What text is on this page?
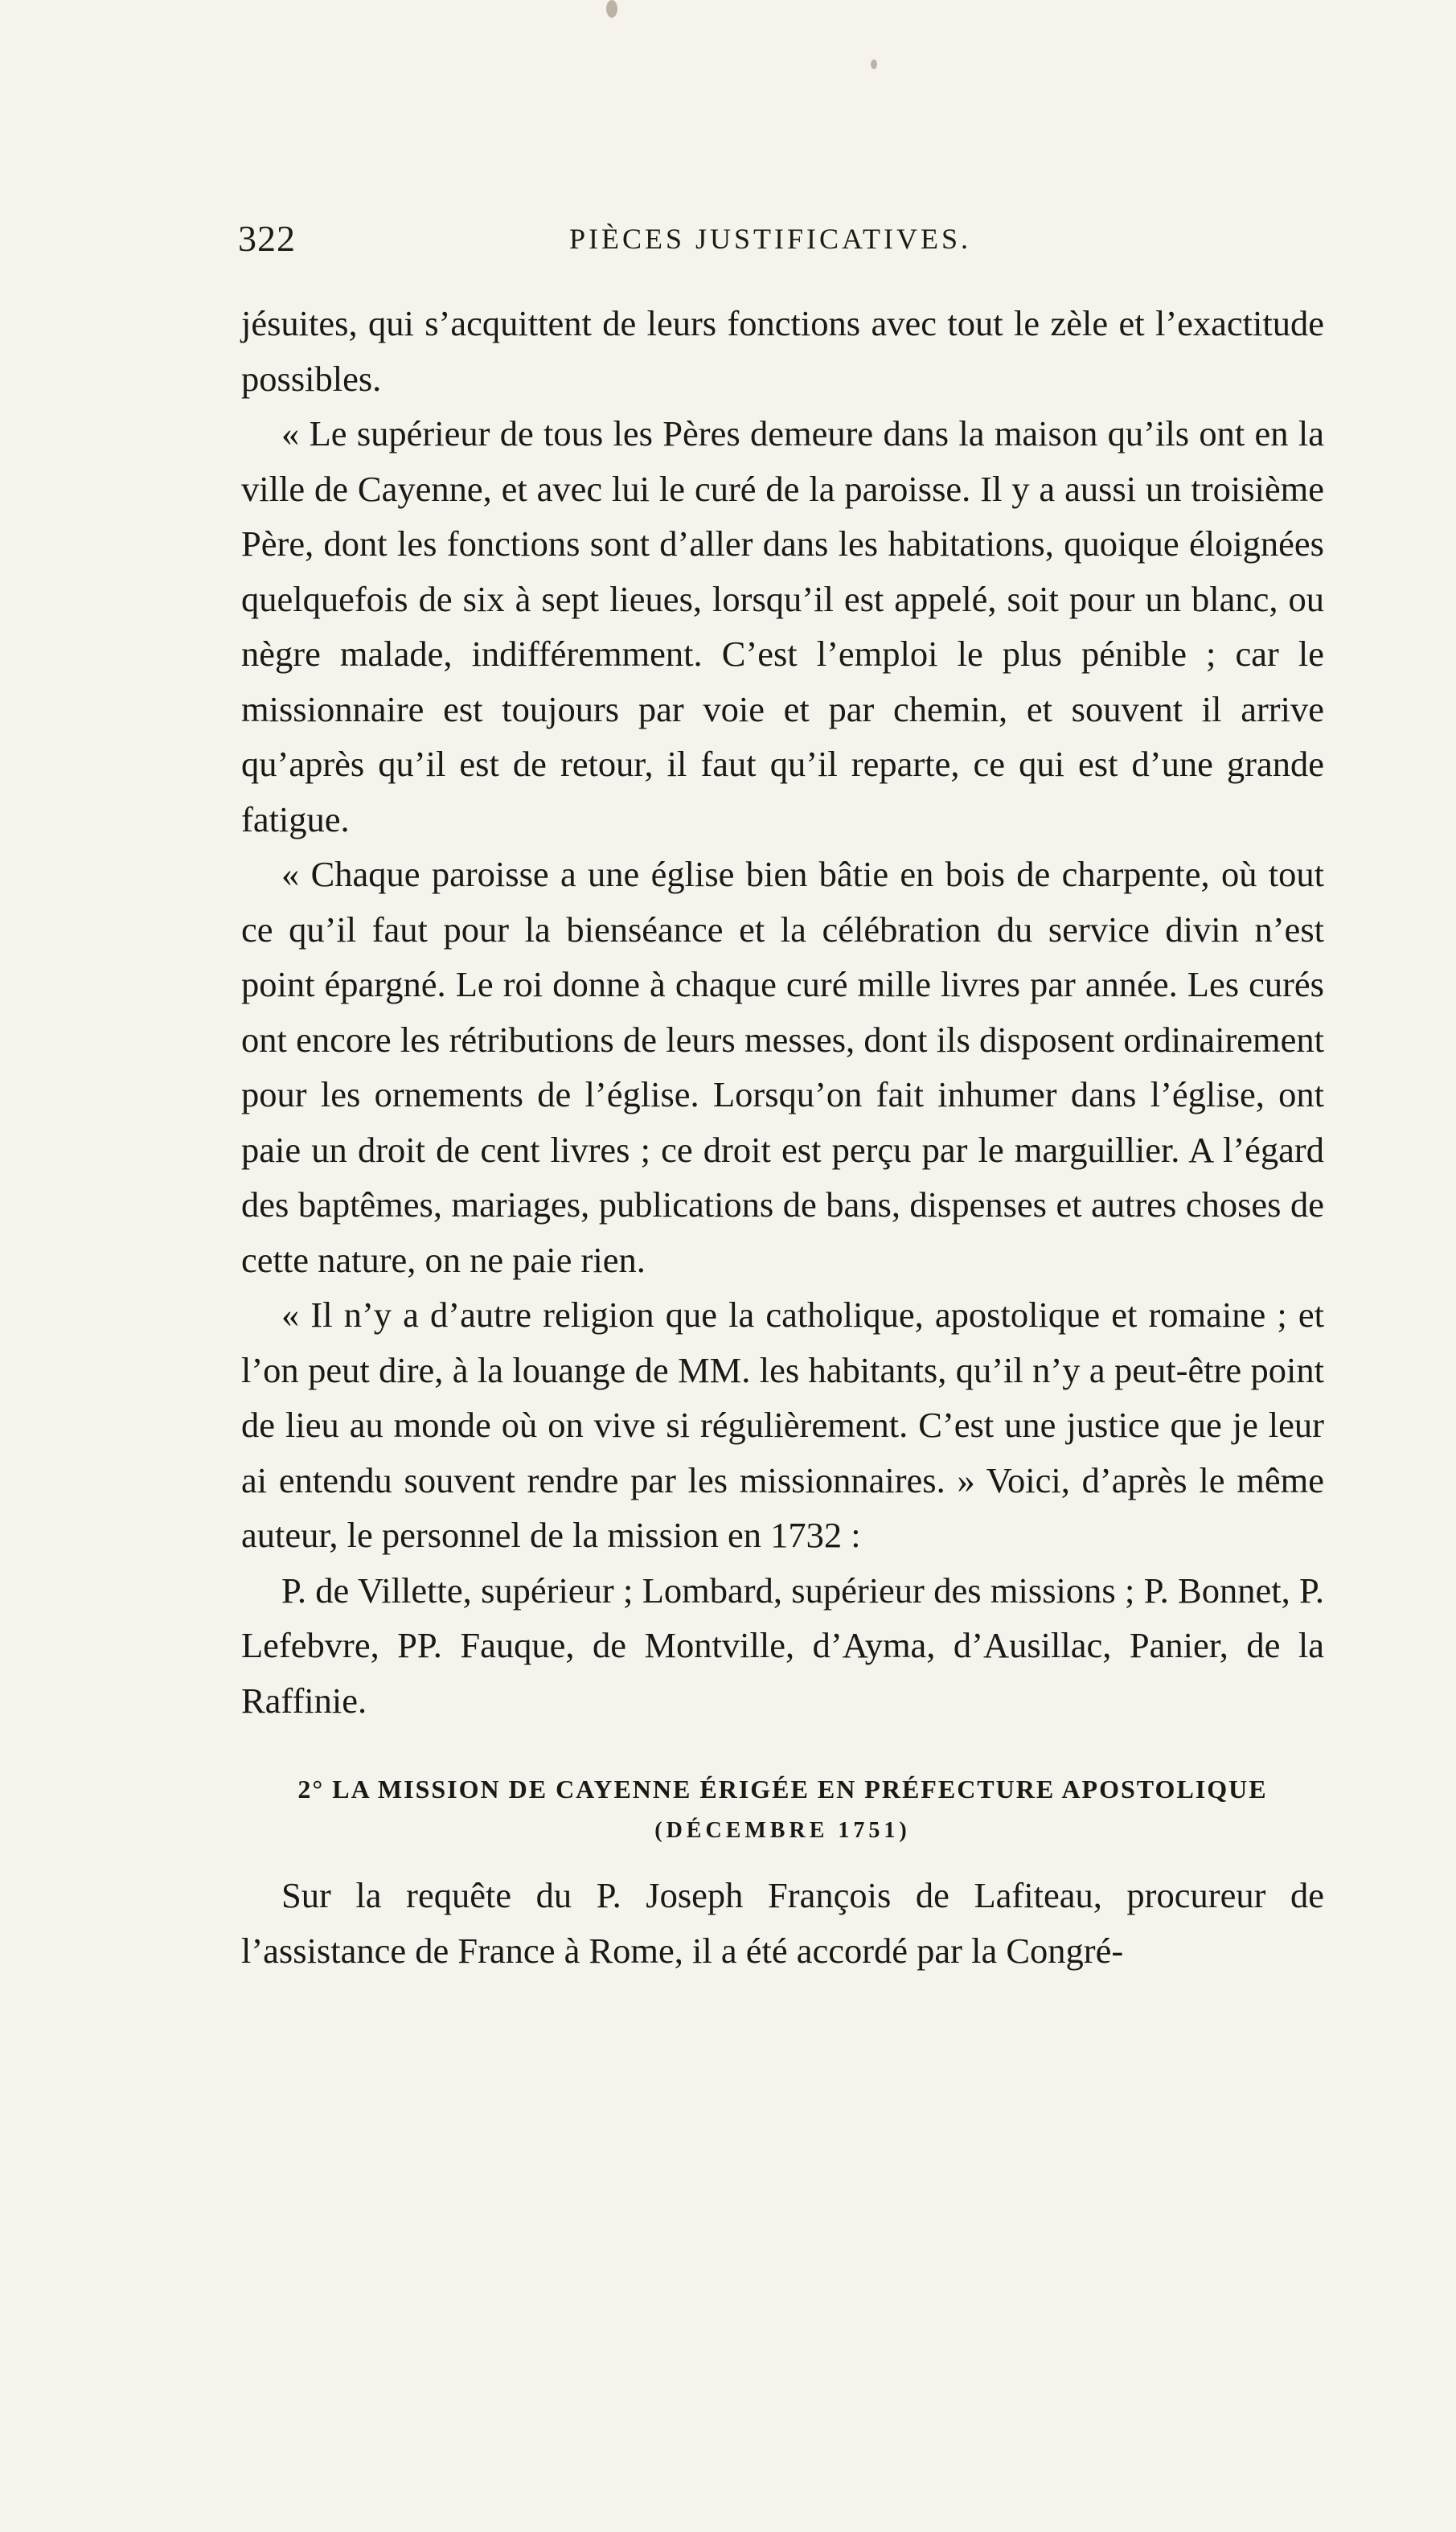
322	PIÈCES JUSTIFICATIVES.

jésuites, qui s’acquittent de leurs fonctions avec tout le zèle et l’exactitude possibles.

« Le supérieur de tous les Pères demeure dans la maison qu’ils ont en la ville de Cayenne, et avec lui le curé de la paroisse. Il y a aussi un troisième Père, dont les fonctions sont d’aller dans les habitations, quoique éloignées quelquefois de six à sept lieues, lorsqu’il est appelé, soit pour un blanc, ou nègre malade, indifféremment. C’est l’emploi le plus pénible ; car le missionnaire est toujours par voie et par chemin, et souvent il arrive qu’après qu’il est de retour, il faut qu’il reparte, ce qui est d’une grande fatigue.

« Chaque paroisse a une église bien bâtie en bois de charpente, où tout ce qu’il faut pour la bienséance et la célébration du service divin n’est point épargné. Le roi donne à chaque curé mille livres par année. Les curés ont encore les rétributions de leurs messes, dont ils disposent ordinairement pour les ornements de l’église. Lorsqu’on fait inhumer dans l’église, ont paie un droit de cent livres ; ce droit est perçu par le marguillier. A l’égard des baptêmes, mariages, publications de bans, dispenses et autres choses de cette nature, on ne paie rien.

« Il n’y a d’autre religion que la catholique, apostolique et romaine ; et l’on peut dire, à la louange de MM. les habitants, qu’il n’y a peut-être point de lieu au monde où on vive si régulièrement. C’est une justice que je leur ai entendu souvent rendre par les missionnaires. » Voici, d’après le même auteur, le personnel de la mission en 1732 :

P. de Villette, supérieur ; Lombard, supérieur des missions ; P. Bonnet, P. Lefebvre, PP. Fauque, de Montville, d’Ayma, d’Ausillac, Panier, de la Raffinie.

2° LA MISSION DE CAYENNE ÉRIGÉE EN PRÉFECTURE APOSTOLIQUE
(DÉCEMBRE 1751)

Sur la requête du P. Joseph François de Lafiteau, procureur de l’assistance de France à Rome, il a été accordé par la Congré-
